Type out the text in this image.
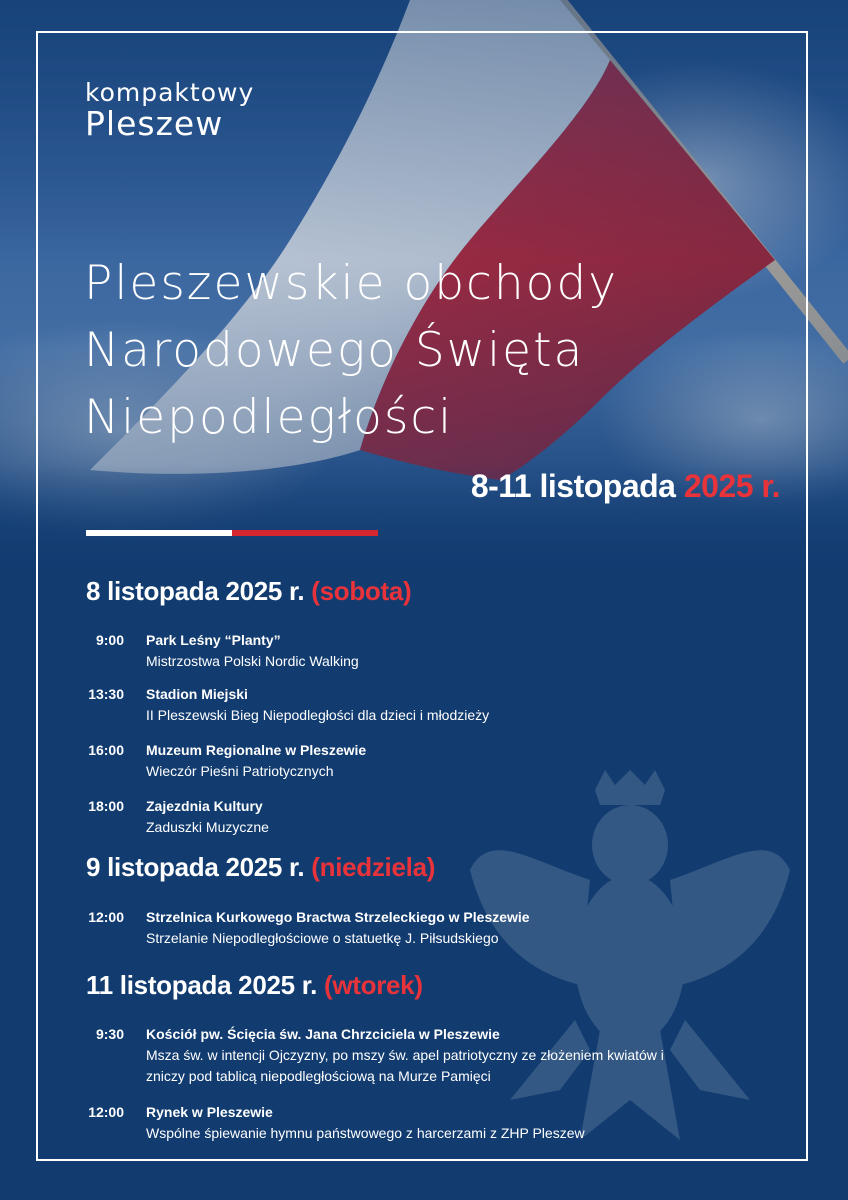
kompaktowy
Pleszew
Pleszewskie obchody
Narodowego Święta
Niepodległości
8-11 listopada 2025 r.
8 listopada 2025 r. (sobota)
9:00 Park Leśny “Planty”
Mistrzostwa Polski Nordic Walking
13:30 Stadion Miejski
II Pleszewski Bieg Niepodległości dla dzieci i młodzieży
16:00 Muzeum Regionalne w Pleszewie
Wieczór Pieśni Patriotycznych
18:00 Zajezdnia Kultury
Zaduszki Muzyczne
9 listopada 2025 r. (niedziela)
12:00 Strzelnica Kurkowego Bractwa Strzeleckiego w Pleszewie
Strzelanie Niepodległościowe o statuetkę J. Piłsudskiego
11 listopada 2025 r. (wtorek)
9:30 Kościół pw. Ścięcia św. Jana Chrzciciela w Pleszewie
Msza św. w intencji Ojczyzny, po mszy św. apel patriotyczny ze złożeniem kwiatów i zniczy pod tablicą niepodległościową na Murze Pamięci
12:00 Rynek w Pleszewie
Wspólne śpiewanie hymnu państwowego z harcerzami z ZHP Pleszew
